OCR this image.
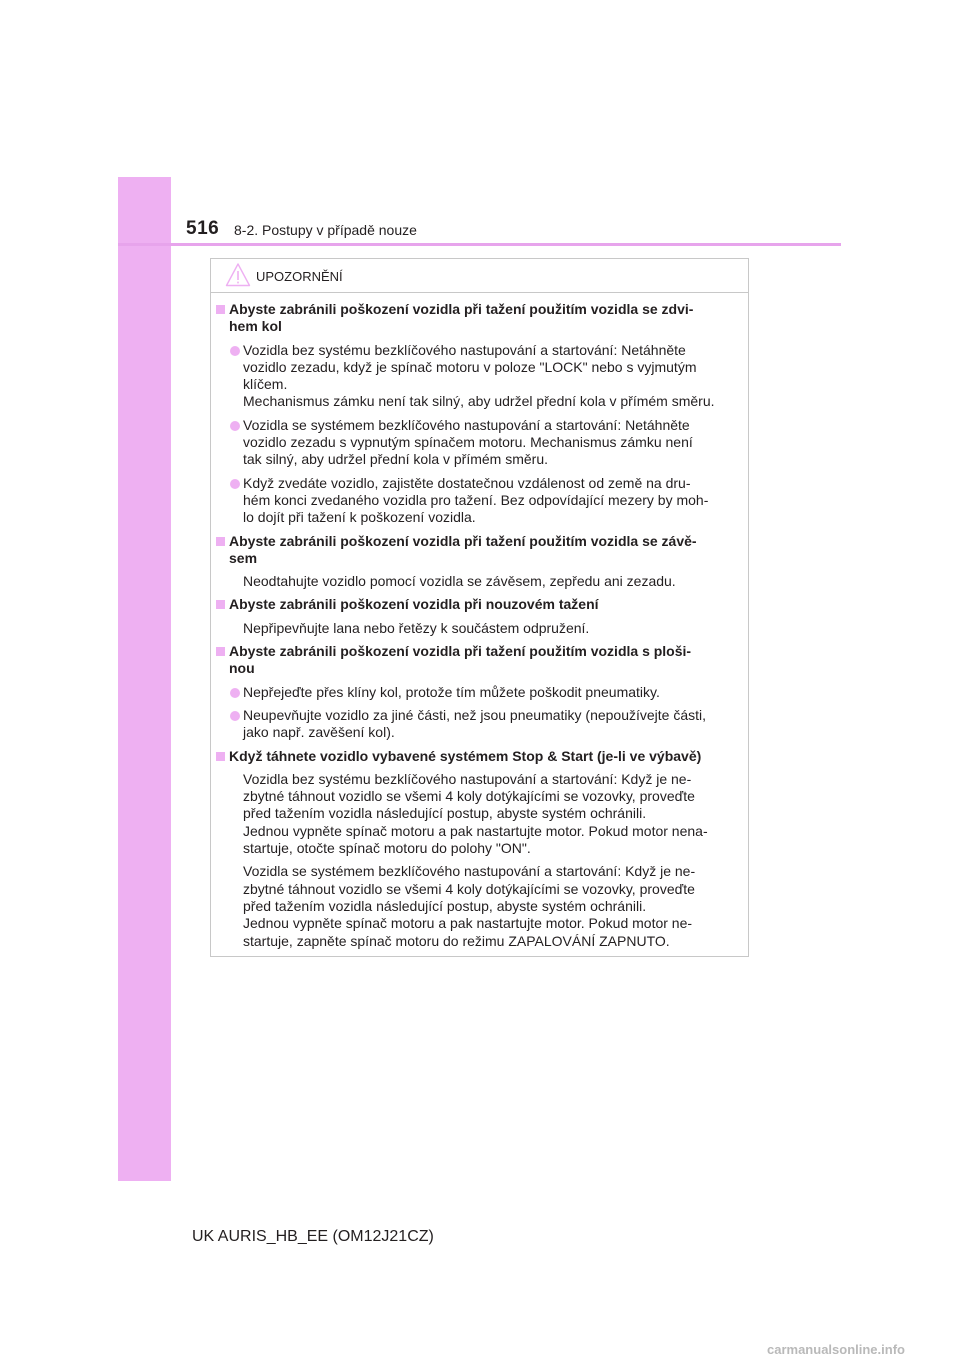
516 8-2. Postupy v případě nouze
UPOZORNĚNÍ
Abyste zabránili poškození vozidla při tažení použitím vozidla se zdvi-
hem kol
Vozidla bez systému bezklíčového nastupování a startování: Netáhněte
vozidlo zezadu, když je spínač motoru v poloze "LOCK" nebo s vyjmutým
klíčem.
Mechanismus zámku není tak silný, aby udržel přední kola v přímém směru.
Vozidla se systémem bezklíčového nastupování a startování: Netáhněte
vozidlo zezadu s vypnutým spínačem motoru. Mechanismus zámku není
tak silný, aby udržel přední kola v přímém směru.
Když zvedáte vozidlo, zajistěte dostatečnou vzdálenost od země na dru-
hém konci zvedaného vozidla pro tažení. Bez odpovídající mezery by moh-
lo dojít při tažení k poškození vozidla.
Abyste zabránili poškození vozidla při tažení použitím vozidla se závě-
sem
Neodtahujte vozidlo pomocí vozidla se závěsem, zepředu ani zezadu.
Abyste zabránili poškození vozidla při nouzovém tažení
Nepřipevňujte lana nebo řetězy k součástem odpružení.
Abyste zabránili poškození vozidla při tažení použitím vozidla s ploši-
nou
Nepřejeďte přes klíny kol, protože tím můžete poškodit pneumatiky.
Neupevňujte vozidlo za jiné části, než jsou pneumatiky (nepoužívejte části,
jako např. zavěšení kol).
Když táhnete vozidlo vybavené systémem Stop & Start (je-li ve výbavě)
Vozidla bez systému bezklíčového nastupování a startování: Když je ne-
zbytné táhnout vozidlo se všemi 4 koly dotýkajícími se vozovky, proveďte
před tažením vozidla následující postup, abyste systém ochránili.
Jednou vypněte spínač motoru a pak nastartujte motor. Pokud motor nena-
startuje, otočte spínač motoru do polohy "ON".
Vozidla se systémem bezklíčového nastupování a startování: Když je ne-
zbytné táhnout vozidlo se všemi 4 koly dotýkajícími se vozovky, proveďte
před tažením vozidla následující postup, abyste systém ochránili.
Jednou vypněte spínač motoru a pak nastartujte motor. Pokud motor ne-
startuje, zapněte spínač motoru do režimu ZAPALOVÁNÍ ZAPNUTO.
UK AURIS_HB_EE (OM12J21CZ)
carmanualsonline.info
